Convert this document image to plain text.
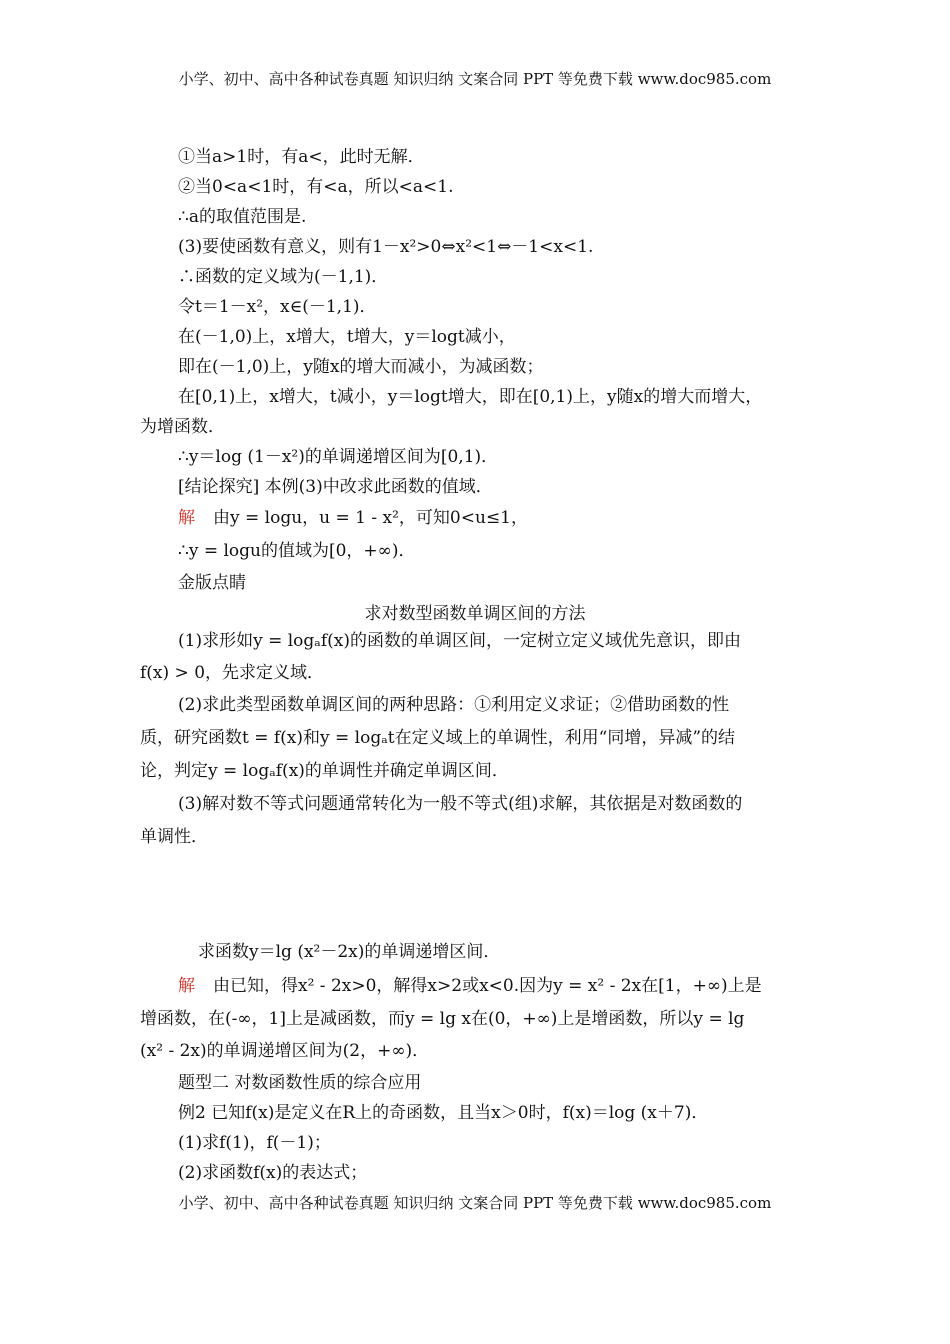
小学、初中、高中各种试卷真题 知识归纳 文案合同 PPT 等免费下载 www.doc985.com
①当a>1时，有a<，此时无解．
②当0<a<1时，有<a，所以<a<1.
∴a的取值范围是.
(3)要使函数有意义，则有1－x²>0⇔x²<1⇔－1<x<1.
∴函数的定义域为(－1,1)．
令t＝1－x²，x∈(－1,1)．
在(－1,0)上，x增大，t增大，y＝logt减小，
即在(－1,0)上，y随x的增大而减小，为减函数；
在[0,1)上，x增大，t减小，y＝logt增大，即在[0,1)上，y随x的增大而增大，
为增函数．
∴y＝log (1－x²)的单调递增区间为[0,1)．
[结论探究] 本例(3)中改求此函数的值域．
解 由y = logu，u = 1 - x²，可知0<u≤1，
∴y = logu的值域为[0，+∞)．
金版点睛
求对数型函数单调区间的方法
(1)求形如y = logₐf(x)的函数的单调区间，一定树立定义域优先意识，即由
f(x) > 0，先求定义域．
(2)求此类型函数单调区间的两种思路：①利用定义求证；②借助函数的性
质，研究函数t = f(x)和y = logₐt在定义域上的单调性，利用“同增，异减”的结
论，判定y = logₐf(x)的单调性并确定单调区间．
(3)解对数不等式问题通常转化为一般不等式(组)求解，其依据是对数函数的
单调性．
求函数y＝lg (x²－2x)的单调递增区间．
解 由已知，得x² - 2x>0，解得x>2或x<0.因为y = x² - 2x在[1，+∞)上是
增函数，在(-∞，1]上是减函数，而y = lg x在(0，+∞)上是增函数，所以y = lg
(x² - 2x)的单调递增区间为(2，+∞)．
题型二 对数函数性质的综合应用
例2 已知f(x)是定义在R上的奇函数，且当x＞0时，f(x)＝log (x＋7)．
(1)求f(1)，f(－1)；
(2)求函数f(x)的表达式；
小学、初中、高中各种试卷真题 知识归纳 文案合同 PPT 等免费下载 www.doc985.com
